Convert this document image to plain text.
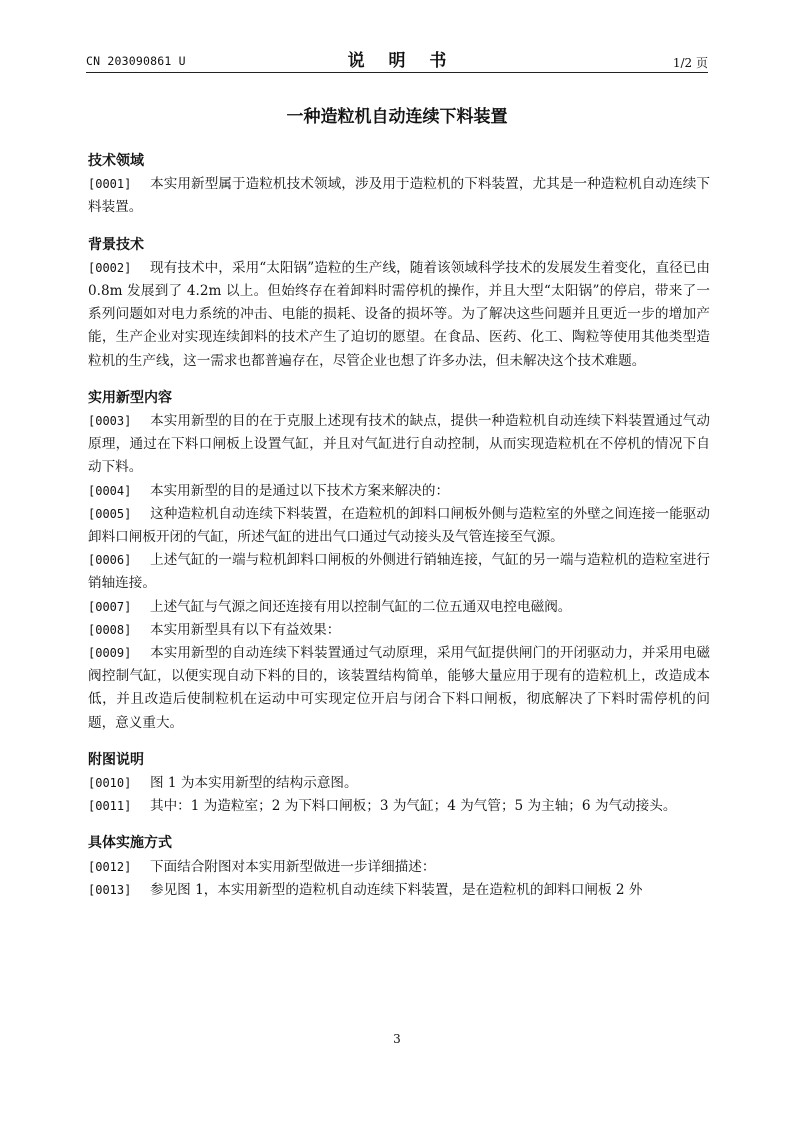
CN 203090861 U	说 明 书	1/2 页
一种造粒机自动连续下料装置
技术领域

[0001] 本实用新型属于造粒机技术领域，涉及用于造粒机的下料装置，尤其是一种造粒机自动连续下料装置。

背景技术

[0002] 现有技术中，采用“太阳锅”造粒的生产线，随着该领域科学技术的发展发生着变化，直径已由 0.8m 发展到了 4.2m 以上。但始终存在着卸料时需停机的操作，并且大型“太阳锅”的停启，带来了一系列问题如对电力系统的冲击、电能的损耗、设备的损坏等。为了解决这些问题并且更近一步的增加产能，生产企业对实现连续卸料的技术产生了迫切的愿望。在食品、医药、化工、陶粒等使用其他类型造粒机的生产线，这一需求也都普遍存在，尽管企业也想了许多办法，但未解决这个技术难题。

实用新型内容

[0003] 本实用新型的目的在于克服上述现有技术的缺点，提供一种造粒机自动连续下料装置通过气动原理，通过在下料口闸板上设置气缸，并且对气缸进行自动控制，从而实现造粒机在不停机的情况下自动下料。

[0004] 本实用新型的目的是通过以下技术方案来解决的：

[0005] 这种造粒机自动连续下料装置，在造粒机的卸料口闸板外侧与造粒室的外壁之间连接一能驱动卸料口闸板开闭的气缸，所述气缸的进出气口通过气动接头及气管连接至气源。

[0006] 上述气缸的一端与粒机卸料口闸板的外侧进行销轴连接，气缸的另一端与造粒机的造粒室进行销轴连接。

[0007] 上述气缸与气源之间还连接有用以控制气缸的二位五通双电控电磁阀。

[0008] 本实用新型具有以下有益效果：

[0009] 本实用新型的自动连续下料装置通过气动原理，采用气缸提供闸门的开闭驱动力，并采用电磁阀控制气缸，以便实现自动下料的目的，该装置结构简单，能够大量应用于现有的造粒机上，改造成本低，并且改造后使制粒机在运动中可实现定位开启与闭合下料口闸板，彻底解决了下料时需停机的问题，意义重大。

附图说明

[0010] 图 1 为本实用新型的结构示意图。

[0011] 其中：1 为造粒室；2 为下料口闸板；3 为气缸；4 为气管；5 为主轴；6 为气动接头。

具体实施方式

[0012] 下面结合附图对本实用新型做进一步详细描述：

[0013] 参见图 1，本实用新型的造粒机自动连续下料装置，是在造粒机的卸料口闸板 2 外

3
